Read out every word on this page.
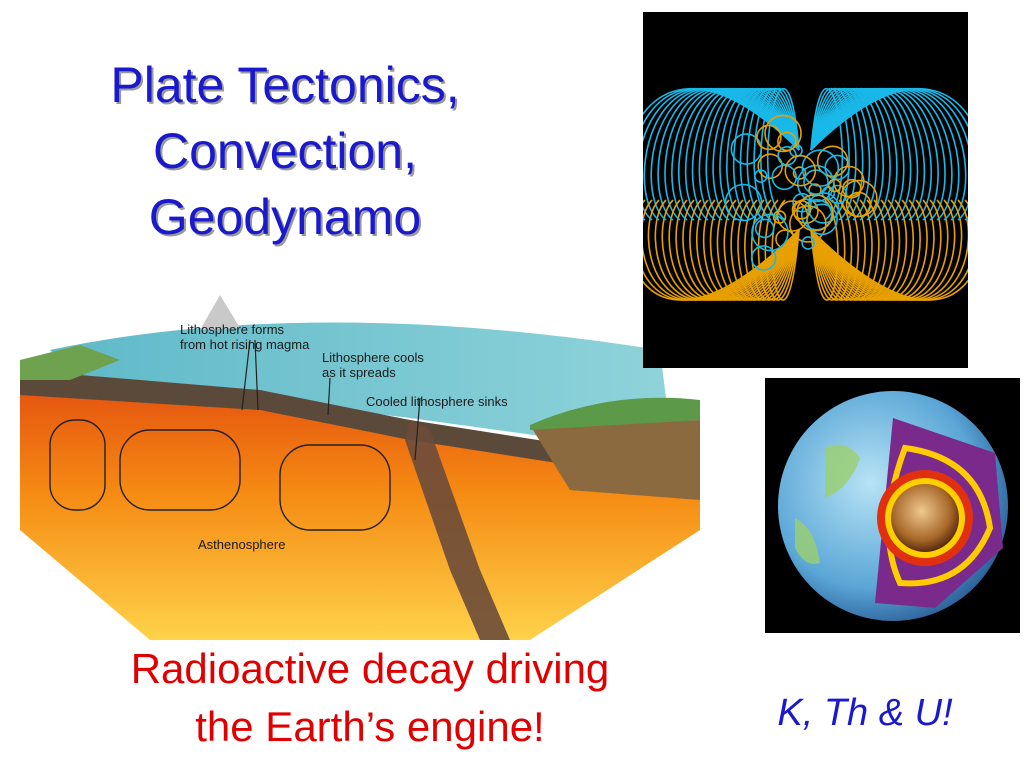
Plate Tectonics,
Convection,
Geodynamo
Lithosphere forms
from hot rising magma
Lithosphere cools
as it spreads
Cooled lithosphere sinks
Asthenosphere
Radioactive decay driving
the Earth’s engine!	K, Th & U!
